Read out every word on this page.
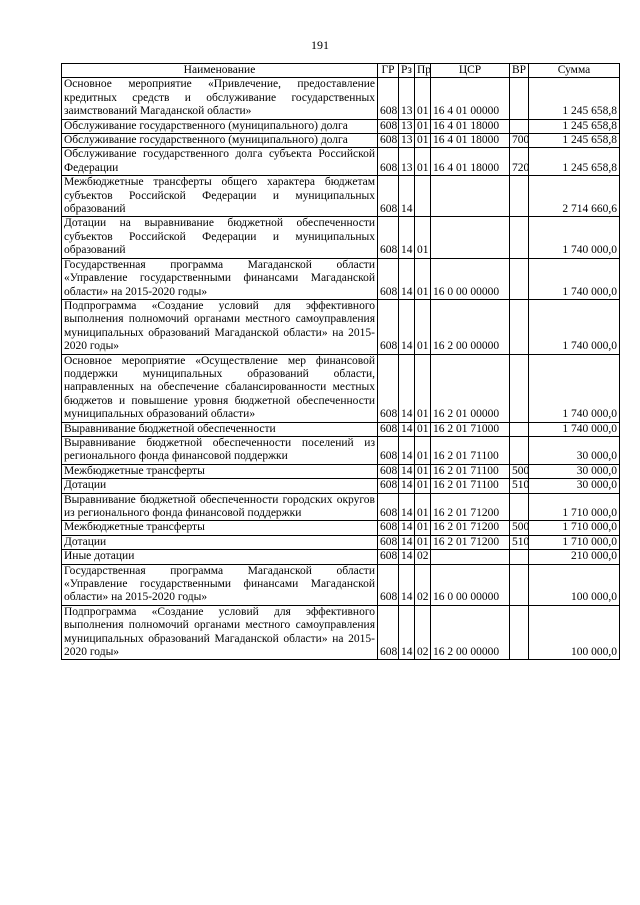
191
Наименование	ГР	Рз	Пр	ЦСР	ВР	Сумма
Основное мероприятие «Привлечение, предоставление кредитных средств и обслуживание государственных заимствований Магаданской области»	608	13	01	16 4 01 00000		1 245 658,8
Обслуживание государственного (муниципального) долга	608	13	01	16 4 01 18000		1 245 658,8
Обслуживание государственного (муниципального) долга	608	13	01	16 4 01 18000	700	1 245 658,8
Обслуживание государственного долга субъекта Российской Федерации	608	13	01	16 4 01 18000	720	1 245 658,8
Межбюджетные трансферты общего характера бюджетам субъектов Российской Федерации и муниципальных образований	608	14				2 714 660,6
Дотации на выравнивание бюджетной обеспеченности субъектов Российской Федерации и муниципальных образований	608	14	01			1 740 000,0
Государственная программа Магаданской области «Управление государственными финансами Магаданской области» на 2015-2020 годы»	608	14	01	16 0 00 00000		1 740 000,0
Подпрограмма «Создание условий для эффективного выполнения полномочий органами местного самоуправления муниципальных образований Магаданской области» на 2015-2020 годы»	608	14	01	16 2 00 00000		1 740 000,0
Основное мероприятие «Осуществление мер финансовой поддержки муниципальных образований области, направленных на обеспечение сбалансированности местных бюджетов и повышение уровня бюджетной обеспеченности муниципальных образований области»	608	14	01	16 2 01 00000		1 740 000,0
Выравнивание бюджетной обеспеченности	608	14	01	16 2 01 71000		1 740 000,0
Выравнивание бюджетной обеспеченности поселений из регионального фонда финансовой поддержки	608	14	01	16 2 01 71100		30 000,0
Межбюджетные трансферты	608	14	01	16 2 01 71100	500	30 000,0
Дотации	608	14	01	16 2 01 71100	510	30 000,0
Выравнивание бюджетной обеспеченности городских округов из регионального фонда финансовой поддержки	608	14	01	16 2 01 71200		1 710 000,0
Межбюджетные трансферты	608	14	01	16 2 01 71200	500	1 710 000,0
Дотации	608	14	01	16 2 01 71200	510	1 710 000,0
Иные дотации	608	14	02			210 000,0
Государственная программа Магаданской области «Управление государственными финансами Магаданской области» на 2015-2020 годы»	608	14	02	16 0 00 00000		100 000,0
Подпрограмма «Создание условий для эффективного выполнения полномочий органами местного самоуправления муниципальных образований Магаданской области» на 2015-2020 годы»	608	14	02	16 2 00 00000		100 000,0
